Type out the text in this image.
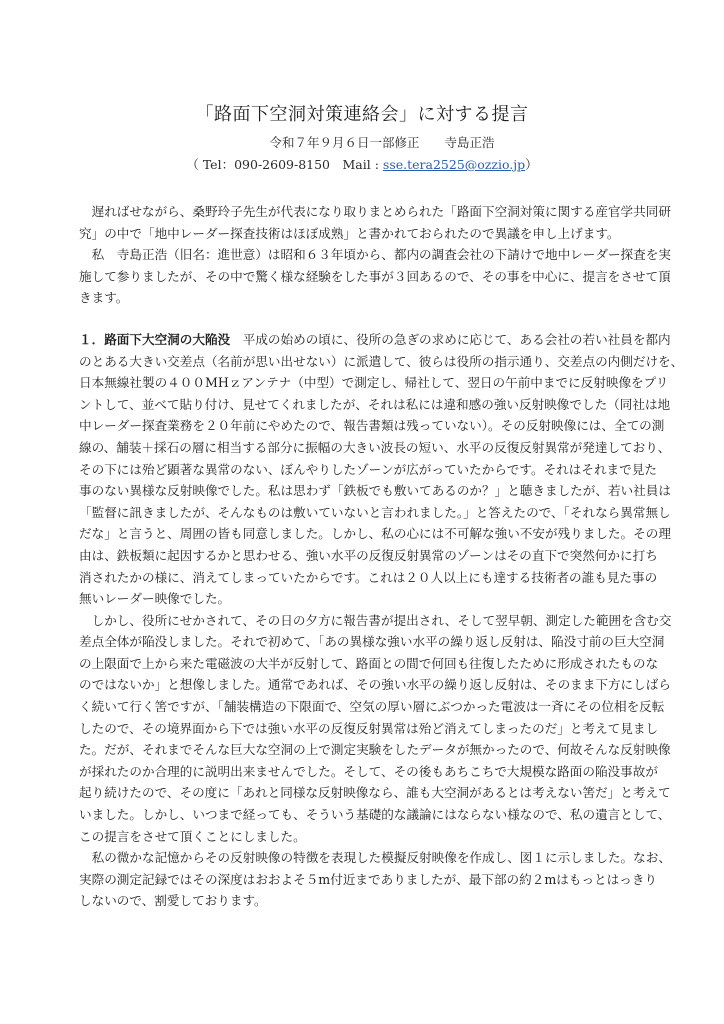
「路面下空洞対策連絡会」に対する提言
令和７年９月６日一部修正　　寺島正浩
（ Tel：090-2609-8150　Mail : sse.tera2525@ozzio.jp）
　遅ればせながら、桑野玲子先生が代表になり取りまとめられた「路面下空洞対策に関する産官学共同研
究」の中で「地中レーダー探査技術はほぼ成熟」と書かれておられたので異議を申し上げます。
　私　寺島正浩（旧名：進世意）は昭和６３年頃から、都内の調査会社の下請けで地中レーダー探査を実
施して参りましたが、その中で驚く様な経験をした事が３回あるので、その事を中心に、提言をさせて頂
きます。
１．路面下大空洞の大陥没　平成の始めの頃に、役所の急ぎの求めに応じて、ある会社の若い社員を都内
のとある大きい交差点（名前が思い出せない）に派遣して、彼らは役所の指示通り、交差点の内側だけを、
日本無線社製の４００MHｚアンテナ（中型）で測定し、帰社して、翌日の午前中までに反射映像をプリ
ントして、並べて貼り付け、見せてくれましたが、それは私には違和感の強い反射映像でした（同社は地
中レーダー探査業務を２０年前にやめたので、報告書類は残っていない）。その反射映像には、全ての測
線の、舗装＋採石の層に相当する部分に振幅の大きい波長の短い、水平の反復反射異常が発達しており、
その下には殆ど顕著な異常のない、ぼんやりしたゾーンが広がっていたからです。それはそれまで見た
事のない異様な反射映像でした。私は思わず「鉄板でも敷いてあるのか？」と聴きましたが、若い社員は
「監督に訊きましたが、そんなものは敷いていないと言われました。」と答えたので、「それなら異常無し
だな」と言うと、周囲の皆も同意しました。しかし、私の心には不可解な強い不安が残りました。その理
由は、鉄板類に起因するかと思わせる、強い水平の反復反射異常のゾーンはその直下で突然何かに打ち
消されたかの様に、消えてしまっていたからです。これは２０人以上にも達する技術者の誰も見た事の
無いレーダー映像でした。
　しかし、役所にせかされて、その日の夕方に報告書が提出され、そして翌早朝、測定した範囲を含む交
差点全体が陥没しました。それで初めて、「あの異様な強い水平の繰り返し反射は、陥没寸前の巨大空洞
の上限面で上から来た電磁波の大半が反射して、路面との間で何回も往復したために形成されたものな
のではないか」と想像しました。通常であれば、その強い水平の繰り返し反射は、そのまま下方にしばら
く続いて行く筈ですが、「舗装構造の下限面で、空気の厚い層にぶつかった電波は一斉にその位相を反転
したので、その境界面から下では強い水平の反復反射異常は殆ど消えてしまったのだ」と考えて見まし
た。だが、それまでそんな巨大な空洞の上で測定実験をしたデータが無かったので、何故そんな反射映像
が採れたのか合理的に説明出来ませんでした。そして、その後もあちこちで大規模な路面の陥没事故が
起り続けたので、その度に「あれと同様な反射映像なら、誰も大空洞があるとは考えない筈だ」と考えて
いました。しかし、いつまで経っても、そういう基礎的な議論にはならない様なので、私の遺言として、
この提言をさせて頂くことにしました。
　私の微かな記憶からその反射映像の特徴を表現した模擬反射映像を作成し、図１に示しました。なお、
実際の測定記録ではその深度はおおよそ５m付近までありましたが、最下部の約２mはもっとはっきり
しないので、割愛しております。
